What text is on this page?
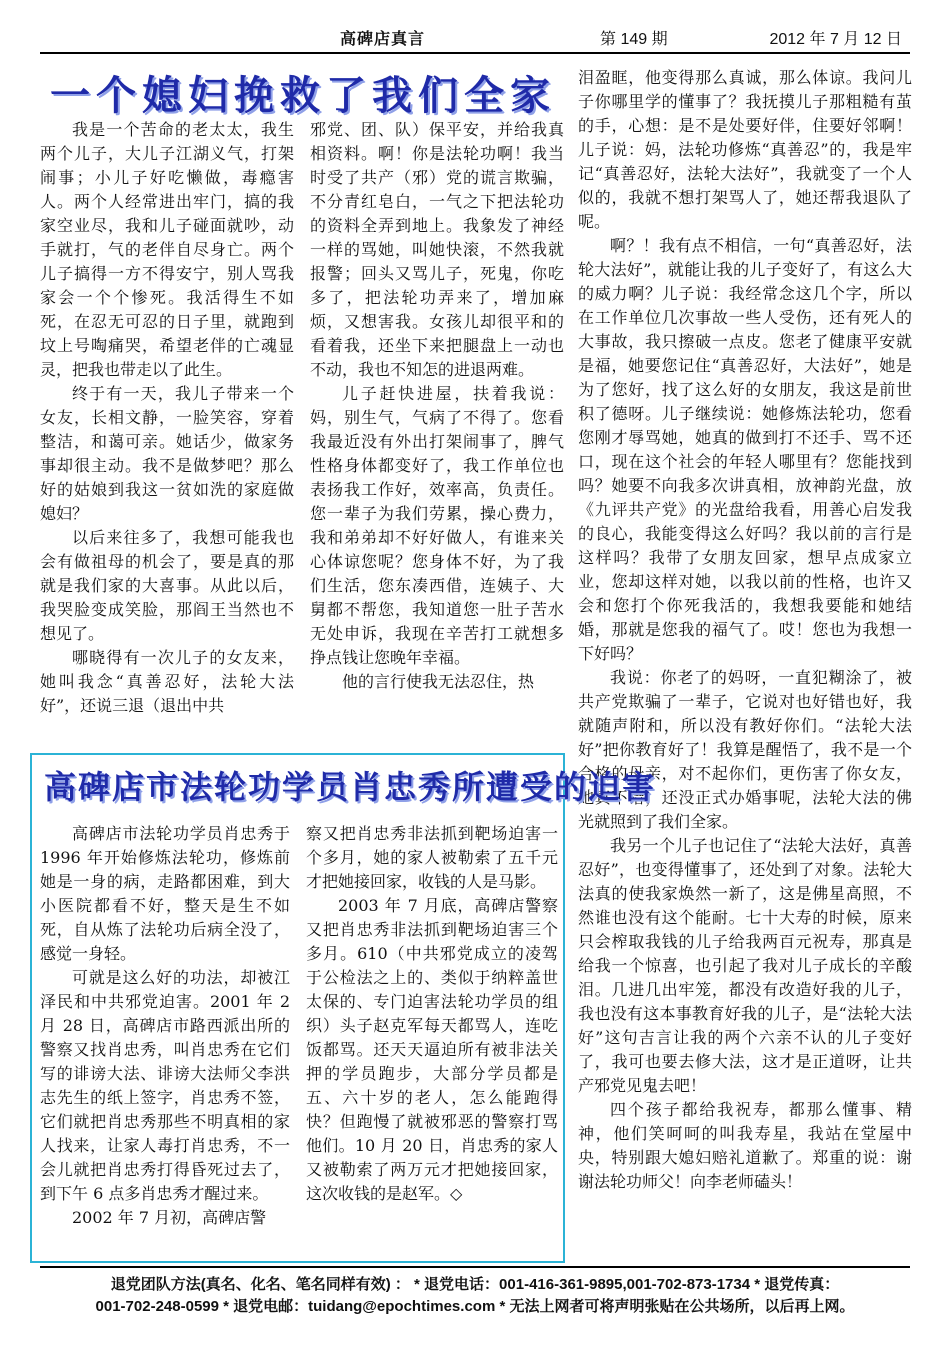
高碑店真言	第 149 期	2012 年 7 月 12 日
一个媳妇挽救了我们全家

我是一个苦命的老太太，我生两个儿子，大儿子江湖义气，打架闹事；小儿子好吃懒做，毒瘾害人。两个人经常进出牢门，搞的我家空业尽，我和儿子碰面就吵，动手就打，气的老伴自尽身亡。两个儿子搞得一方不得安宁，别人骂我家会一个个惨死。我活得生不如死，在忍无可忍的日子里，就跑到坟上号啕痛哭，希望老伴的亡魂显灵，把我也带走以了此生。

终于有一天，我儿子带来一个女友，长相文静，一脸笑容，穿着整洁，和蔼可亲。她话少，做家务事却很主动。我不是做梦吧？那么好的姑娘到我这一贫如洗的家庭做媳妇？

以后来往多了，我想可能我也会有做祖母的机会了，要是真的那就是我们家的大喜事。从此以后，我哭脸变成笑脸，那阎王当然也不想见了。

哪晓得有一次儿子的女友来，她叫我念“真善忍好，法轮大法好”，还说三退（退出中共

邪党、团、队）保平安，并给我真相资料。啊！你是法轮功啊！我当时受了共产（邪）党的谎言欺骗，不分青红皂白，一气之下把法轮功的资料全弄到地上。我象发了神经一样的骂她，叫她快滚，不然我就报警；回头又骂儿子，死鬼，你吃多了，把法轮功弄来了，增加麻烦，又想害我。女孩儿却很平和的看着我，还坐下来把腿盘上一动也不动，我也不知怎的进退两难。

儿子赶快进屋，扶着我说：妈，别生气，气病了不得了。您看我最近没有外出打架闹事了，脾气性格身体都变好了，我工作单位也表扬我工作好，效率高，负责任。您一辈子为我们劳累，操心费力，我和弟弟却不好好做人，有谁来关心体谅您呢？您身体不好，为了我们生活，您东凑西借，连姨子、大舅都不帮您，我知道您一肚子苦水无处申诉，我现在辛苦打工就想多挣点钱让您晚年幸福。

他的言行使我无法忍住，热

泪盈眶，他变得那么真诚，那么体谅。我问儿子你哪里学的懂事了？我抚摸儿子那粗糙有茧的手，心想：是不是处要好伴，住要好邻啊！儿子说：妈，法轮功修炼“真善忍”的，我是牢记“真善忍好，法轮大法好”，我就变了一个人似的，我就不想打架骂人了，她还帮我退队了呢。

啊？！我有点不相信，一句“真善忍好，法轮大法好”，就能让我的儿子变好了，有这么大的威力啊？儿子说：我经常念这几个字，所以在工作单位几次事故一些人受伤，还有死人的大事故，我只擦破一点皮。您老了健康平安就是福，她要您记住“真善忍好，大法好”，她是为了您好，找了这么好的女朋友，我这是前世积了德呀。儿子继续说：她修炼法轮功，您看您刚才辱骂她，她真的做到打不还手、骂不还口，现在这个社会的年轻人哪里有？您能找到吗？她要不向我多次讲真相，放神韵光盘，放《九评共产党》的光盘给我看，用善心启发我的良心，我能变得这么好吗？我以前的言行是这样吗？我带了女朋友回家，想早点成家立业，您却这样对她，以我以前的性格，也许又会和您打个你死我活的，我想我要能和她结婚，那就是您我的福气了。哎！您也为我想一下好吗？

我说：你老了的妈呀，一直犯糊涂了，被共产党欺骗了一辈子，它说对也好错也好，我就随声附和，所以没有教好你们。“法轮大法好”把你教育好了！我算是醒悟了，我不是一个合格的母亲，对不起你们，更伤害了你女友，她真不错，还没正式办婚事呢，法轮大法的佛光就照到了我们全家。

我另一个儿子也记住了“法轮大法好，真善忍好”，也变得懂事了，还处到了对象。法轮大法真的使我家焕然一新了，这是佛星高照，不然谁也没有这个能耐。七十大寿的时候，原来只会榨取我钱的儿子给我两百元祝寿，那真是给我一个惊喜，也引起了我对儿子成长的辛酸泪。几进几出牢笼，都没有改造好我的儿子，我也没有这本事教育好我的儿子，是“法轮大法好”这句吉言让我的两个六亲不认的儿子变好了，我可也要去修大法，这才是正道呀，让共产邪党见鬼去吧！

四个孩子都给我祝寿，都那么懂事、精神，他们笑呵呵的叫我寿星，我站在堂屋中央，特别跟大媳妇赔礼道歉了。郑重的说：谢谢法轮功师父！向李老师磕头！

高碑店市法轮功学员肖忠秀所遭受的迫害

高碑店市法轮功学员肖忠秀于 1996 年开始修炼法轮功，修炼前她是一身的病，走路都困难，到大小医院都看不好，整天是生不如死，自从炼了法轮功后病全没了，感觉一身轻。

可就是这么好的功法，却被江泽民和中共邪党迫害。2001 年 2 月 28 日，高碑店市路西派出所的警察又找肖忠秀，叫肖忠秀在它们写的诽谤大法、诽谤大法师父李洪志先生的纸上签字，肖忠秀不签，它们就把肖忠秀那些不明真相的家人找来，让家人毒打肖忠秀，不一会儿就把肖忠秀打得昏死过去了，到下午 6 点多肖忠秀才醒过来。

2002 年 7 月初，高碑店警

察又把肖忠秀非法抓到靶场迫害一个多月，她的家人被勒索了五千元才把她接回家，收钱的人是马影。

2003 年 7 月底，高碑店警察又把肖忠秀非法抓到靶场迫害三个多月。610（中共邪党成立的凌驾于公检法之上的、类似于纳粹盖世太保的、专门迫害法轮功学员的组织）头子赵克军每天都骂人，连吃饭都骂。还天天逼迫所有被非法关押的学员跑步，大部分学员都是五、六十岁的老人，怎么能跑得快？但跑慢了就被邪恶的警察打骂他们。10 月 20 日，肖忠秀的家人又被勒索了两万元才把她接回家，这次收钱的是赵军。◇

退党团队方法(真名、化名、笔名同样有效) ： * 退党电话：001-416-361-9895,001-702-873-1734 * 退党传真：
001-702-248-0599 * 退党电邮：tuidang@epochtimes.com * 无法上网者可将声明张贴在公共场所，以后再上网。
